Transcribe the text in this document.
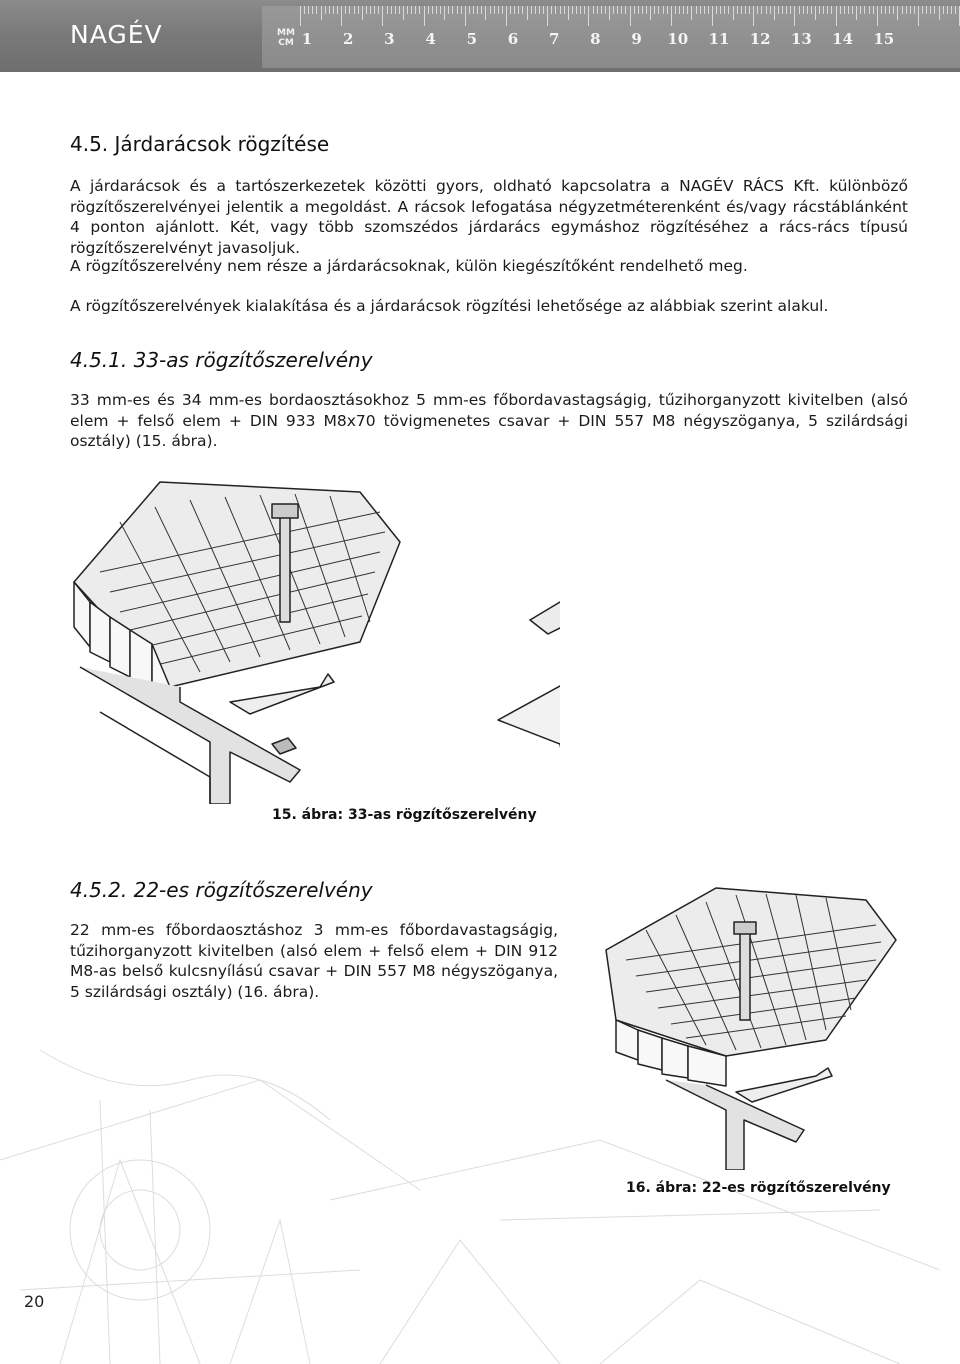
MM
CM 1	2	3	4	5	6	7	8	9	10	11	12	13	14	15
NAGÉV
4.5. Járdarácsok rögzítése

A járdarácsok és a tartószerkezetek közötti gyors, oldható kapcsolatra a NAGÉV RÁCS Kft. különböző rögzítőszerelvényei jelentik a megoldást. A rácsok lefogatása négyzetméterenként és/vagy rácstáblánként 4 ponton ajánlott. Két, vagy több szomszédos járdarács egymáshoz rögzítéséhez a rács-rács típusú rögzítőszerelvényt javasoljuk.

A rögzítőszerelvény nem része a járdarácsoknak, külön kiegészítőként rendelhető meg.

A rögzítőszerelvények kialakítása és a járdarácsok rögzítési lehetősége az alábbiak szerint alakul.

4.5.1. 33-as rögzítőszerelvény

33 mm-es és 34 mm-es bordaosztásokhoz 5 mm-es főbordavastagságig, tűzihorganyzott kivitelben (alsó elem + felső elem + DIN 933 M8x70 tövigmenetes csavar + DIN 557 M8 négyszöganya, 5 szilárdsági osztály) (15. ábra).

15. ábra: 33-as rögzítőszerelvény
4.5.2. 22-es rögzítőszerelvény

22 mm-es főbordaosztáshoz 3 mm-es főbordavastagságig, tűzihorganyzott kivitelben (alsó elem + felső elem + DIN 912 M8-as belső kulcsnyílású csavar + DIN 557 M8 négyszöganya, 5 szilárdsági osztály) (16. ábra).

16. ábra: 22-es rögzítőszerelvény
20
